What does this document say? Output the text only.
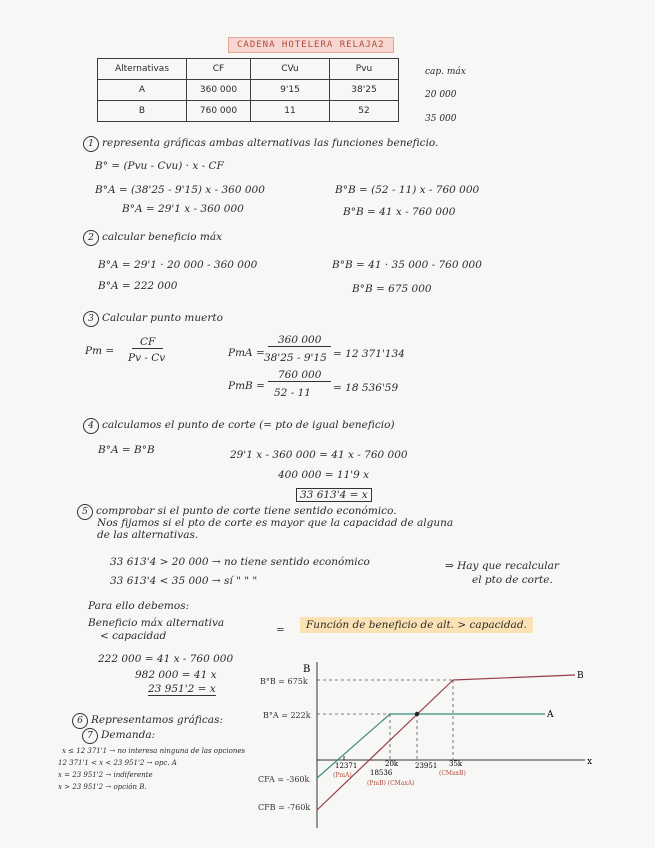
CADENA HOTELERA RELAJA2
Alternativas	CF	CVu	Pvu
A	360 000	9'15	38'25
B	760 000	11	52
cap. máx
20 000
35 000
1 representa gráficas ambas alternativas las funciones beneficio.
B° = (Pvu - Cvu) · x - CF
B°A = (38'25 - 9'15) x - 360 000
B°A = 29'1 x - 360 000
B°B = (52 - 11) x - 760 000
B°B = 41 x - 760 000
2 calcular beneficio máx
B°A = 29'1 · 20 000 - 360 000
B°A = 222 000
B°B = 41 · 35 000 - 760 000
B°B = 675 000
3 Calcular punto muerto
Pm =
CF
Pv - Cv	PmA =
360 000
38'25 - 9'15 = 12 371'134
PmB =
760 000
52 - 11 = 18 536'59
4 calculamos el punto de corte (= pto de igual beneficio)
B°A = B°B	29'1 x - 360 000 = 41 x - 760 000
400 000 = 11'9 x
33 613'4 = x
5 comprobar si el punto de corte tiene sentido económico.
Nos fijamos si el pto de corte es mayor que la capacidad de alguna
de las alternativas.
33 613'4 > 20 000 → no tiene sentido económico
33 613'4 < 35 000 → sí " " "
⇒ Hay que recalcular
el pto de corte.
Para ello debemos:
Beneficio máx alternativa
< capacidad	=	Función de beneficio de alt. > capacidad.
222 000 = 41 x - 760 000
982 000 = 41 x
23 951'2 = x
6 Representamos gráficas:
7 Demanda:
x ≤ 12 371'1 → no interesa ninguna de las opciones
12 371'1 < x < 23 951'2 → opc. A
x = 23 951'2 → indiferente
x > 23 951'2 → opción B.
B
x
B°B = 675k
B°A = 222k
CFA = -360k
CFB = -760k
A
B
12371
(PmA)
20k
18536
(PmB) (CMaxA)
23951 35k
(CMaxB)
